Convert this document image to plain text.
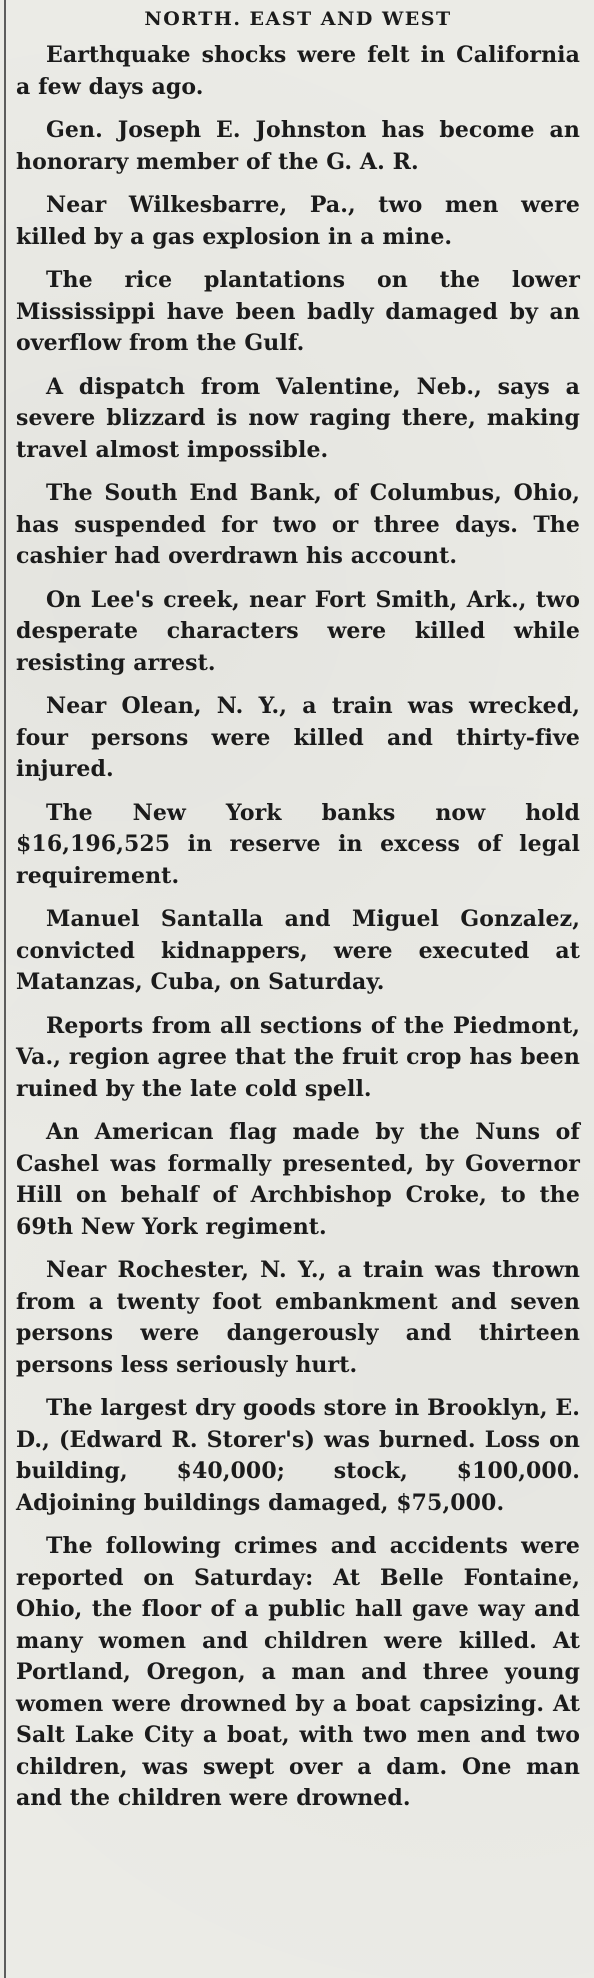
NORTH. EAST AND WEST

Earthquake shocks were felt in California a few days ago.

Gen. Joseph E. Johnston has become an honorary member of the G. A. R.

Near Wilkesbarre, Pa., two men were killed by a gas explosion in a mine.

The rice plantations on the lower Mississippi have been badly damaged by an overflow from the Gulf.

A dispatch from Valentine, Neb., says a severe blizzard is now raging there, making travel almost impossible.

The South End Bank, of Columbus, Ohio, has suspended for two or three days. The cashier had overdrawn his account.

On Lee's creek, near Fort Smith, Ark., two desperate characters were killed while resisting arrest.

Near Olean, N. Y., a train was wrecked, four persons were killed and thirty-five injured.

The New York banks now hold $16,196,525 in reserve in excess of legal requirement.

Manuel Santalla and Miguel Gonzalez, convicted kidnappers, were executed at Matanzas, Cuba, on Saturday.

Reports from all sections of the Piedmont, Va., region agree that the fruit crop has been ruined by the late cold spell.

An American flag made by the Nuns of Cashel was formally presented, by Governor Hill on behalf of Archbishop Croke, to the 69th New York regiment.

Near Rochester, N. Y., a train was thrown from a twenty foot embankment and seven persons were dangerously and thirteen persons less seriously hurt.

The largest dry goods store in Brooklyn, E. D., (Edward R. Storer's) was burned. Loss on building, $40,000; stock, $100,000. Adjoining buildings damaged, $75,000.

The following crimes and accidents were reported on Saturday: At Belle Fontaine, Ohio, the floor of a public hall gave way and many women and children were killed. At Portland, Oregon, a man and three young women were drowned by a boat capsizing. At Salt Lake City a boat, with two men and two children, was swept over a dam. One man and the children were drowned.
